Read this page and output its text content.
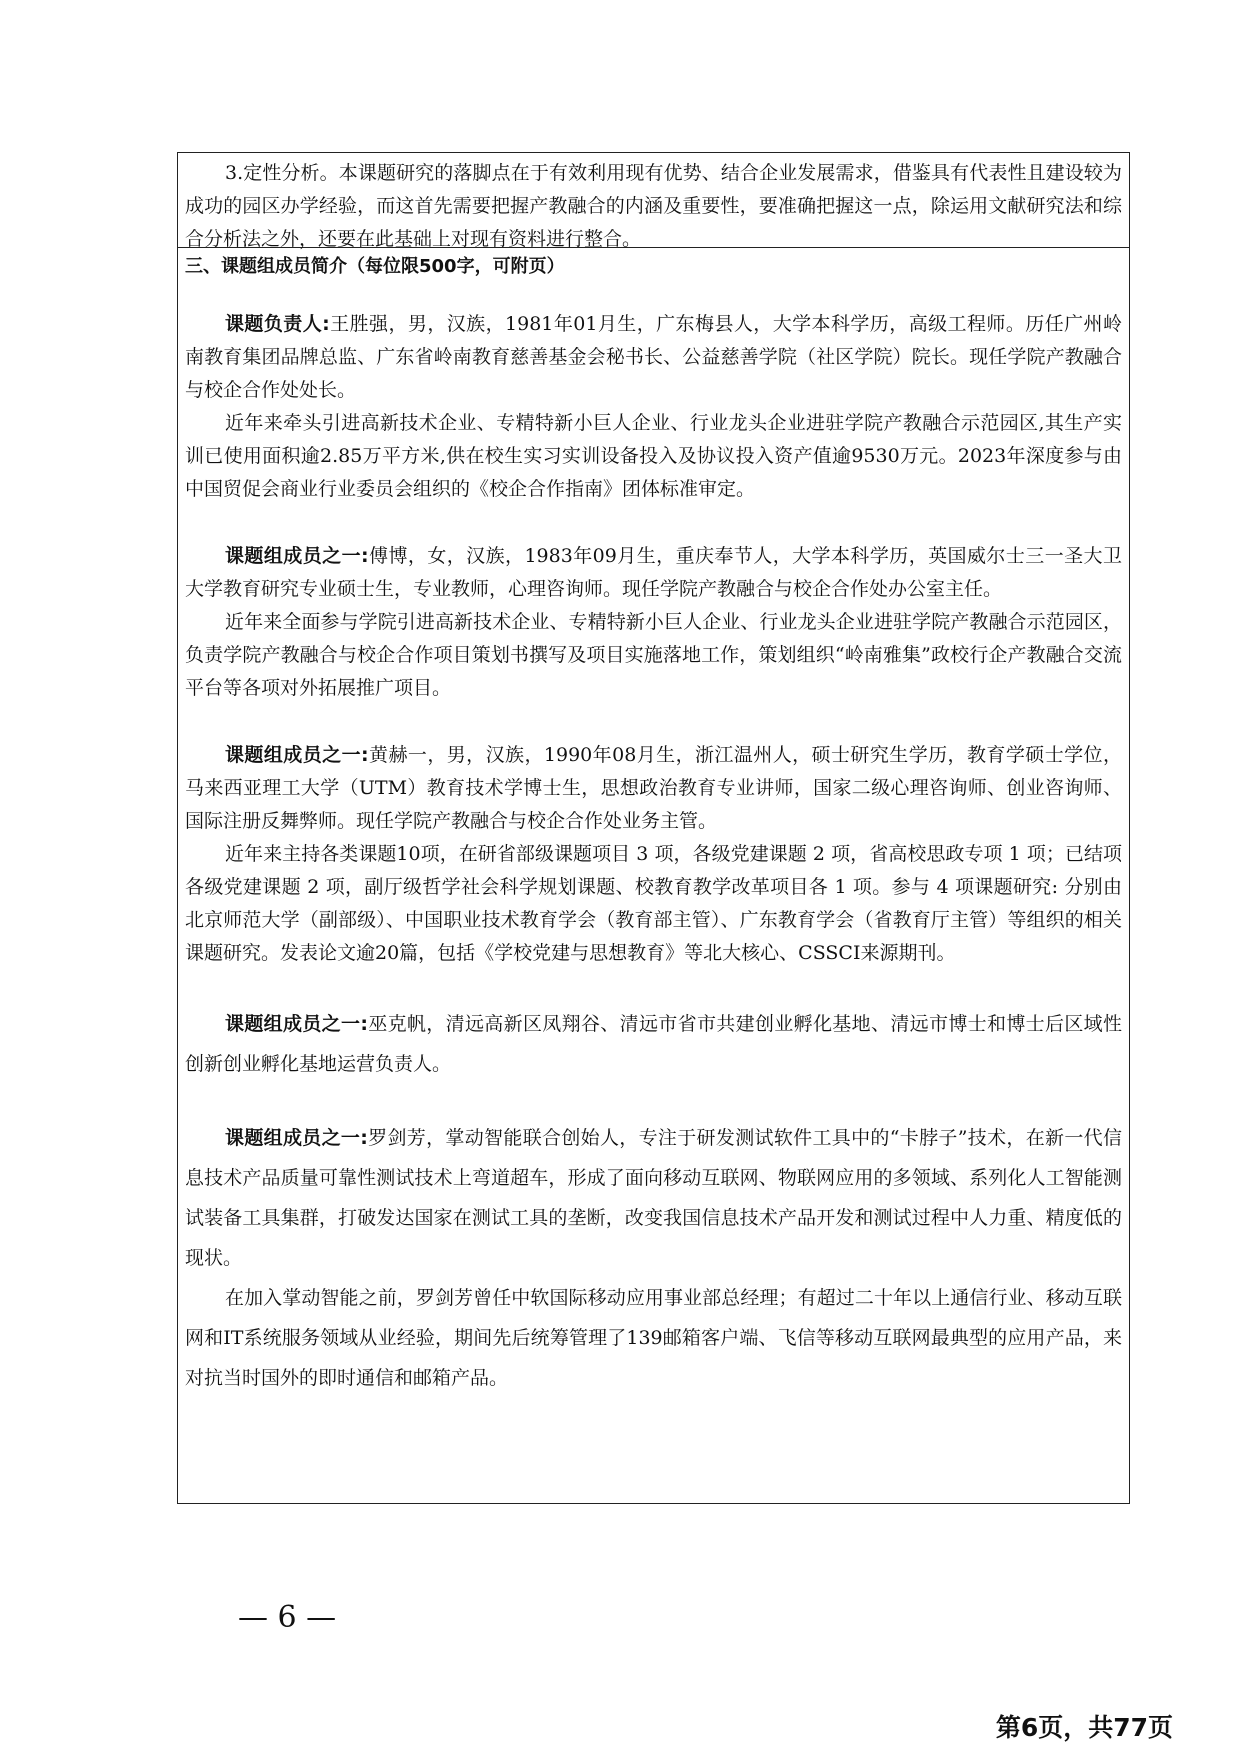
3.定性分析。本课题研究的落脚点在于有效利用现有优势、结合企业发展需求，借鉴具有代表性且建设较为成功的园区办学经验，而这首先需要把握产教融合的内涵及重要性，要准确把握这一点，除运用文献研究法和综合分析法之外，还要在此基础上对现有资料进行整合。

三、课题组成员简介（每位限500字，可附页）

课题负责人:王胜强，男，汉族，1981年01月生，广东梅县人，大学本科学历，高级工程师。历任广州岭南教育集团品牌总监、广东省岭南教育慈善基金会秘书长、公益慈善学院（社区学院）院长。现任学院产教融合与校企合作处处长。

近年来牵头引进高新技术企业、专精特新小巨人企业、行业龙头企业进驻学院产教融合示范园区,其生产实训已使用面积逾2.85万平方米,供在校生实习实训设备投入及协议投入资产值逾9530万元。2023年深度参与由中国贸促会商业行业委员会组织的《校企合作指南》团体标准审定。

课题组成员之一:傅博，女，汉族，1983年09月生，重庆奉节人，大学本科学历，英国威尔士三一圣大卫大学教育研究专业硕士生，专业教师，心理咨询师。现任学院产教融合与校企合作处办公室主任。

近年来全面参与学院引进高新技术企业、专精特新小巨人企业、行业龙头企业进驻学院产教融合示范园区，负责学院产教融合与校企合作项目策划书撰写及项目实施落地工作，策划组织“岭南雅集”政校行企产教融合交流平台等各项对外拓展推广项目。

课题组成员之一:黄赫一，男，汉族，1990年08月生，浙江温州人，硕士研究生学历，教育学硕士学位，马来西亚理工大学（UTM）教育技术学博士生，思想政治教育专业讲师，国家二级心理咨询师、创业咨询师、国际注册反舞弊师。现任学院产教融合与校企合作处业务主管。

近年来主持各类课题10项，在研省部级课题项目 3 项，各级党建课题 2 项，省高校思政专项 1 项；已结项各级党建课题 2 项，副厅级哲学社会科学规划课题、校教育教学改革项目各 1 项。参与 4 项课题研究: 分别由北京师范大学（副部级）、中国职业技术教育学会（教育部主管）、广东教育学会（省教育厅主管）等组织的相关课题研究。发表论文逾20篇，包括《学校党建与思想教育》等北大核心、CSSCI来源期刊。

课题组成员之一:巫克帆，清远高新区凤翔谷、清远市省市共建创业孵化基地、清远市博士和博士后区域性创新创业孵化基地运营负责人。

课题组成员之一:罗剑芳，掌动智能联合创始人，专注于研发测试软件工具中的“卡脖子”技术，在新一代信息技术产品质量可靠性测试技术上弯道超车，形成了面向移动互联网、物联网应用的多领域、系列化人工智能测试装备工具集群，打破发达国家在测试工具的垄断，改变我国信息技术产品开发和测试过程中人力重、精度低的现状。

在加入掌动智能之前，罗剑芳曾任中软国际移动应用事业部总经理；有超过二十年以上通信行业、移动互联网和IT系统服务领域从业经验，期间先后统筹管理了139邮箱客户端、飞信等移动互联网最典型的应用产品，来对抗当时国外的即时通信和邮箱产品。

— 6 —
第6页，共77页
